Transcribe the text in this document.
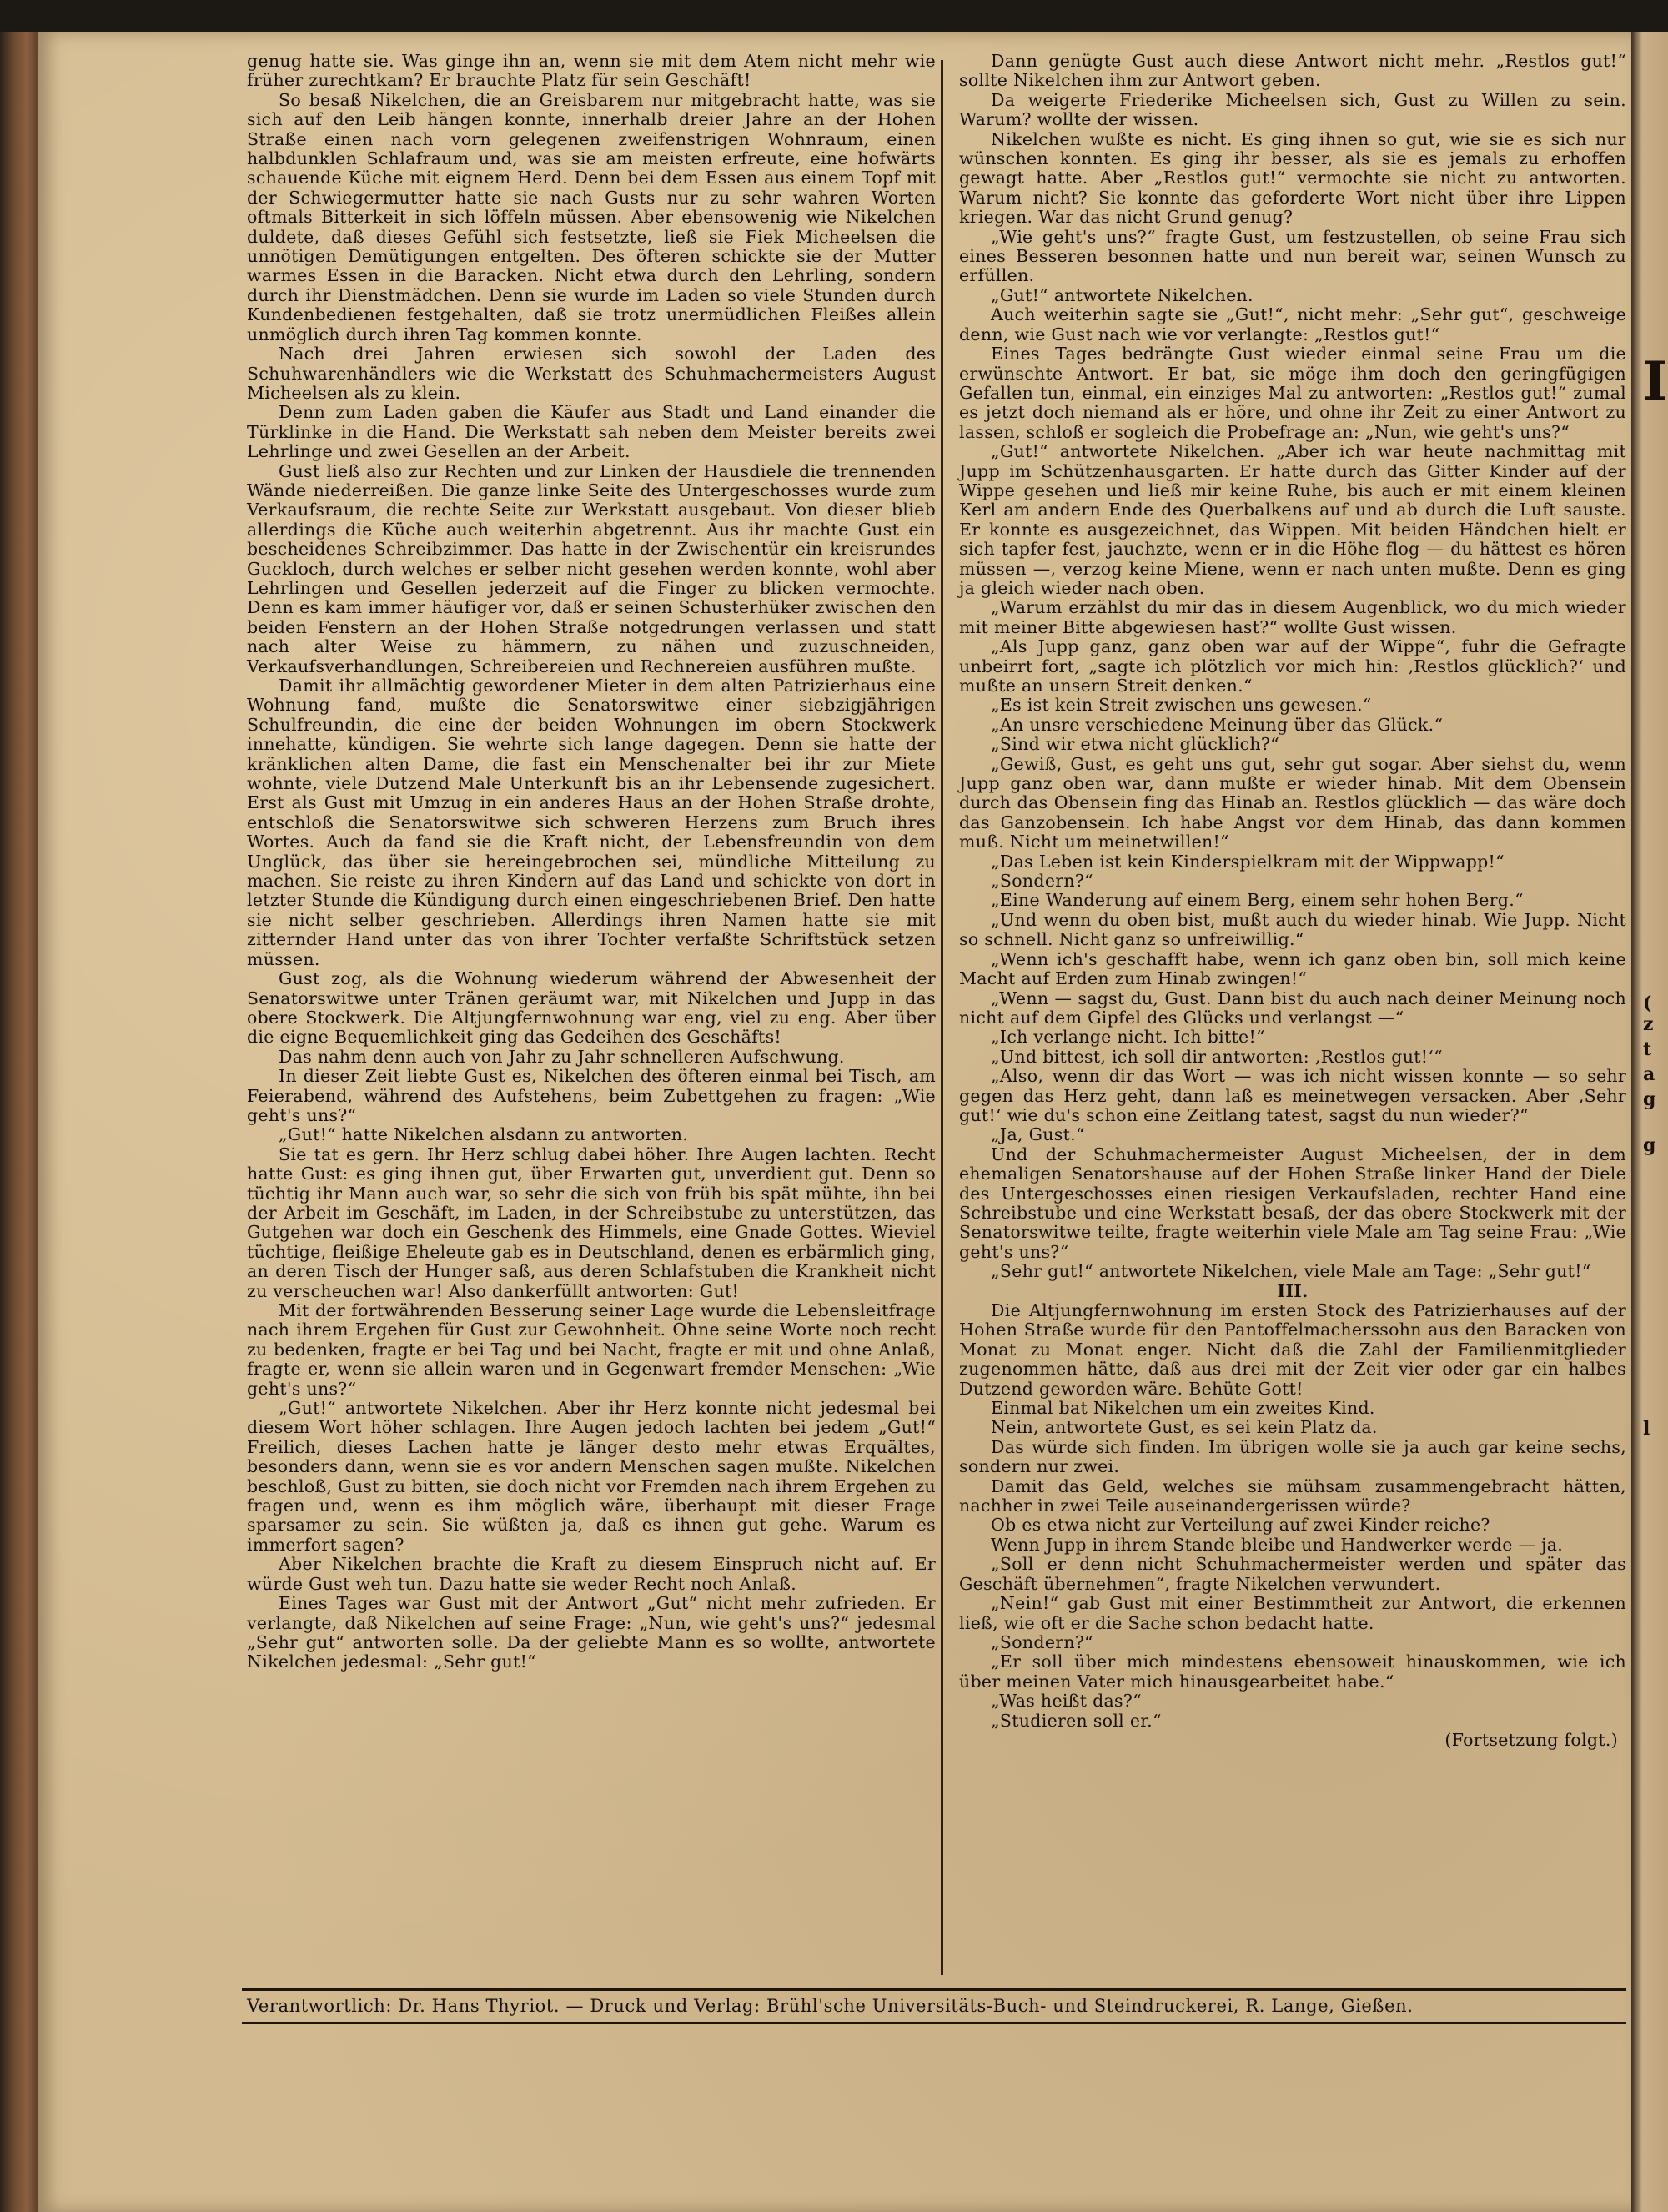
genug hatte sie. Was ginge ihn an, wenn sie mit dem Atem nicht mehr wie früher zurechtkam? Er brauchte Platz für sein Geschäft!

So besaß Nikelchen, die an Greisbarem nur mitgebracht hatte, was sie sich auf den Leib hängen konnte, innerhalb dreier Jahre an der Hohen Straße einen nach vorn gelegenen zweifenstrigen Wohnraum, einen halbdunklen Schlafraum und, was sie am meisten erfreute, eine hofwärts schauende Küche mit eignem Herd. Denn bei dem Essen aus einem Topf mit der Schwiegermutter hatte sie nach Gusts nur zu sehr wahren Worten oftmals Bitterkeit in sich löffeln müssen. Aber ebensowenig wie Nikelchen duldete, daß dieses Gefühl sich festsetzte, ließ sie Fiek Micheelsen die unnötigen Demütigungen entgelten. Des öfteren schickte sie der Mutter warmes Essen in die Baracken. Nicht etwa durch den Lehrling, sondern durch ihr Dienstmädchen. Denn sie wurde im Laden so viele Stunden durch Kundenbedienen festgehalten, daß sie trotz unermüdlichen Fleißes allein unmöglich durch ihren Tag kommen konnte.

Nach drei Jahren erwiesen sich sowohl der Laden des Schuhwarenhändlers wie die Werkstatt des Schuhmachermeisters August Micheelsen als zu klein.

Denn zum Laden gaben die Käufer aus Stadt und Land einander die Türklinke in die Hand. Die Werkstatt sah neben dem Meister bereits zwei Lehrlinge und zwei Gesellen an der Arbeit.

Gust ließ also zur Rechten und zur Linken der Hausdiele die trennenden Wände niederreißen. Die ganze linke Seite des Untergeschosses wurde zum Verkaufsraum, die rechte Seite zur Werkstatt ausgebaut. Von dieser blieb allerdings die Küche auch weiterhin abgetrennt. Aus ihr machte Gust ein bescheidenes Schreibzimmer. Das hatte in der Zwischentür ein kreisrundes Guckloch, durch welches er selber nicht gesehen werden konnte, wohl aber Lehrlingen und Gesellen jederzeit auf die Finger zu blicken vermochte. Denn es kam immer häufiger vor, daß er seinen Schusterhüker zwischen den beiden Fenstern an der Hohen Straße notgedrungen verlassen und statt nach alter Weise zu hämmern, zu nähen und zuzuschneiden, Verkaufsverhandlungen, Schreibereien und Rechnereien ausführen mußte.

Damit ihr allmächtig gewordener Mieter in dem alten Patrizierhaus eine Wohnung fand, mußte die Senatorswitwe einer siebzigjährigen Schulfreundin, die eine der beiden Wohnungen im obern Stockwerk innehatte, kündigen. Sie wehrte sich lange dagegen. Denn sie hatte der kränklichen alten Dame, die fast ein Menschenalter bei ihr zur Miete wohnte, viele Dutzend Male Unterkunft bis an ihr Lebensende zugesichert. Erst als Gust mit Umzug in ein anderes Haus an der Hohen Straße drohte, entschloß die Senatorswitwe sich schweren Herzens zum Bruch ihres Wortes. Auch da fand sie die Kraft nicht, der Lebensfreundin von dem Unglück, das über sie hereingebrochen sei, mündliche Mitteilung zu machen. Sie reiste zu ihren Kindern auf das Land und schickte von dort in letzter Stunde die Kündigung durch einen eingeschriebenen Brief. Den hatte sie nicht selber geschrieben. Allerdings ihren Namen hatte sie mit zitternder Hand unter das von ihrer Tochter verfaßte Schriftstück setzen müssen.

Gust zog, als die Wohnung wiederum während der Abwesenheit der Senatorswitwe unter Tränen geräumt war, mit Nikelchen und Jupp in das obere Stockwerk. Die Altjungfernwohnung war eng, viel zu eng. Aber über die eigne Bequemlichkeit ging das Gedeihen des Geschäfts!

Das nahm denn auch von Jahr zu Jahr schnelleren Aufschwung.

In dieser Zeit liebte Gust es, Nikelchen des öfteren einmal bei Tisch, am Feierabend, während des Aufstehens, beim Zubettgehen zu fragen: „Wie geht's uns?“

„Gut!“ hatte Nikelchen alsdann zu antworten.

Sie tat es gern. Ihr Herz schlug dabei höher. Ihre Augen lachten. Recht hatte Gust: es ging ihnen gut, über Erwarten gut, unverdient gut. Denn so tüchtig ihr Mann auch war, so sehr die sich von früh bis spät mühte, ihn bei der Arbeit im Geschäft, im Laden, in der Schreibstube zu unterstützen, das Gutgehen war doch ein Geschenk des Himmels, eine Gnade Gottes. Wieviel tüchtige, fleißige Eheleute gab es in Deutschland, denen es erbärmlich ging, an deren Tisch der Hunger saß, aus deren Schlafstuben die Krankheit nicht zu verscheuchen war! Also dankerfüllt antworten: Gut!

Mit der fortwährenden Besserung seiner Lage wurde die Lebensleitfrage nach ihrem Ergehen für Gust zur Gewohnheit. Ohne seine Worte noch recht zu bedenken, fragte er bei Tag und bei Nacht, fragte er mit und ohne Anlaß, fragte er, wenn sie allein waren und in Gegenwart fremder Menschen: „Wie geht's uns?“

„Gut!“ antwortete Nikelchen. Aber ihr Herz konnte nicht jedesmal bei diesem Wort höher schlagen. Ihre Augen jedoch lachten bei jedem „Gut!“ Freilich, dieses Lachen hatte je länger desto mehr etwas Erquältes, besonders dann, wenn sie es vor andern Menschen sagen mußte. Nikelchen beschloß, Gust zu bitten, sie doch nicht vor Fremden nach ihrem Ergehen zu fragen und, wenn es ihm möglich wäre, überhaupt mit dieser Frage sparsamer zu sein. Sie wüßten ja, daß es ihnen gut gehe. Warum es immerfort sagen?

Aber Nikelchen brachte die Kraft zu diesem Einspruch nicht auf. Er würde Gust weh tun. Dazu hatte sie weder Recht noch Anlaß.

Eines Tages war Gust mit der Antwort „Gut“ nicht mehr zufrieden. Er verlangte, daß Nikelchen auf seine Frage: „Nun, wie geht's uns?“ jedesmal „Sehr gut“ antworten solle. Da der geliebte Mann es so wollte, antwortete Nikelchen jedesmal: „Sehr gut!“

Dann genügte Gust auch diese Antwort nicht mehr. „Restlos gut!“ sollte Nikelchen ihm zur Antwort geben.

Da weigerte Friederike Micheelsen sich, Gust zu Willen zu sein. Warum? wollte der wissen.

Nikelchen wußte es nicht. Es ging ihnen so gut, wie sie es sich nur wünschen konnten. Es ging ihr besser, als sie es jemals zu erhoffen gewagt hatte. Aber „Restlos gut!“ vermochte sie nicht zu antworten. Warum nicht? Sie konnte das geforderte Wort nicht über ihre Lippen kriegen. War das nicht Grund genug?

„Wie geht's uns?“ fragte Gust, um festzustellen, ob seine Frau sich eines Besseren besonnen hatte und nun bereit war, seinen Wunsch zu erfüllen.

„Gut!“ antwortete Nikelchen.

Auch weiterhin sagte sie „Gut!“, nicht mehr: „Sehr gut“, geschweige denn, wie Gust nach wie vor verlangte: „Restlos gut!“

Eines Tages bedrängte Gust wieder einmal seine Frau um die erwünschte Antwort. Er bat, sie möge ihm doch den geringfügigen Gefallen tun, einmal, ein einziges Mal zu antworten: „Restlos gut!“ zumal es jetzt doch niemand als er höre, und ohne ihr Zeit zu einer Antwort zu lassen, schloß er sogleich die Probefrage an: „Nun, wie geht's uns?“

„Gut!“ antwortete Nikelchen. „Aber ich war heute nachmittag mit Jupp im Schützenhausgarten. Er hatte durch das Gitter Kinder auf der Wippe gesehen und ließ mir keine Ruhe, bis auch er mit einem kleinen Kerl am andern Ende des Querbalkens auf und ab durch die Luft sauste. Er konnte es ausgezeichnet, das Wippen. Mit beiden Händchen hielt er sich tapfer fest, jauchzte, wenn er in die Höhe flog — du hättest es hören müssen —, verzog keine Miene, wenn er nach unten mußte. Denn es ging ja gleich wieder nach oben.

„Warum erzählst du mir das in diesem Augenblick, wo du mich wieder mit meiner Bitte abgewiesen hast?“ wollte Gust wissen.

„Als Jupp ganz, ganz oben war auf der Wippe“, fuhr die Gefragte unbeirrt fort, „sagte ich plötzlich vor mich hin: ‚Restlos glücklich?‘ und mußte an unsern Streit denken.“

„Es ist kein Streit zwischen uns gewesen.“

„An unsre verschiedene Meinung über das Glück.“

„Sind wir etwa nicht glücklich?“

„Gewiß, Gust, es geht uns gut, sehr gut sogar. Aber siehst du, wenn Jupp ganz oben war, dann mußte er wieder hinab. Mit dem Obensein durch das Obensein fing das Hinab an. Restlos glücklich — das wäre doch das Ganzobensein. Ich habe Angst vor dem Hinab, das dann kommen muß. Nicht um meinetwillen!“

„Das Leben ist kein Kinderspielkram mit der Wippwapp!“

„Sondern?“

„Eine Wanderung auf einem Berg, einem sehr hohen Berg.“

„Und wenn du oben bist, mußt auch du wieder hinab. Wie Jupp. Nicht so schnell. Nicht ganz so unfreiwillig.“

„Wenn ich's geschafft habe, wenn ich ganz oben bin, soll mich keine Macht auf Erden zum Hinab zwingen!“

„Wenn — sagst du, Gust. Dann bist du auch nach deiner Meinung noch nicht auf dem Gipfel des Glücks und verlangst —“

„Ich verlange nicht. Ich bitte!“

„Und bittest, ich soll dir antworten: ‚Restlos gut!‘“

„Also, wenn dir das Wort — was ich nicht wissen konnte — so sehr gegen das Herz geht, dann laß es meinetwegen versacken. Aber ‚Sehr gut!‘ wie du's schon eine Zeitlang tatest, sagst du nun wieder?“

„Ja, Gust.“

Und der Schuhmachermeister August Micheelsen, der in dem ehemaligen Senatorshause auf der Hohen Straße linker Hand der Diele des Untergeschosses einen riesigen Verkaufsladen, rechter Hand eine Schreibstube und eine Werkstatt besaß, der das obere Stockwerk mit der Senatorswitwe teilte, fragte weiterhin viele Male am Tag seine Frau: „Wie geht's uns?“

„Sehr gut!“ antwortete Nikelchen, viele Male am Tage: „Sehr gut!“

III.

Die Altjungfernwohnung im ersten Stock des Patrizierhauses auf der Hohen Straße wurde für den Pantoffelmacherssohn aus den Baracken von Monat zu Monat enger. Nicht daß die Zahl der Familienmitglieder zugenommen hätte, daß aus drei mit der Zeit vier oder gar ein halbes Dutzend geworden wäre. Behüte Gott!

Einmal bat Nikelchen um ein zweites Kind.

Nein, antwortete Gust, es sei kein Platz da.

Das würde sich finden. Im übrigen wolle sie ja auch gar keine sechs, sondern nur zwei.

Damit das Geld, welches sie mühsam zusammengebracht hätten, nachher in zwei Teile auseinandergerissen würde?

Ob es etwa nicht zur Verteilung auf zwei Kinder reiche?

Wenn Jupp in ihrem Stande bleibe und Handwerker werde — ja.

„Soll er denn nicht Schuhmachermeister werden und später das Geschäft übernehmen“, fragte Nikelchen verwundert.

„Nein!“ gab Gust mit einer Bestimmtheit zur Antwort, die erkennen ließ, wie oft er die Sache schon bedacht hatte.

„Sondern?“

„Er soll über mich mindestens ebensoweit hinauskommen, wie ich über meinen Vater mich hinausgearbeitet habe.“

„Was heißt das?“

„Studieren soll er.“

(Fortsetzung folgt.)

Verantwortlich: Dr. Hans Thyriot. — Druck und Verlag: Brühl'sche Universitäts-Buch- und Steindruckerei, R. Lange, Gießen.
I
(
z
t
a
g
g
l
